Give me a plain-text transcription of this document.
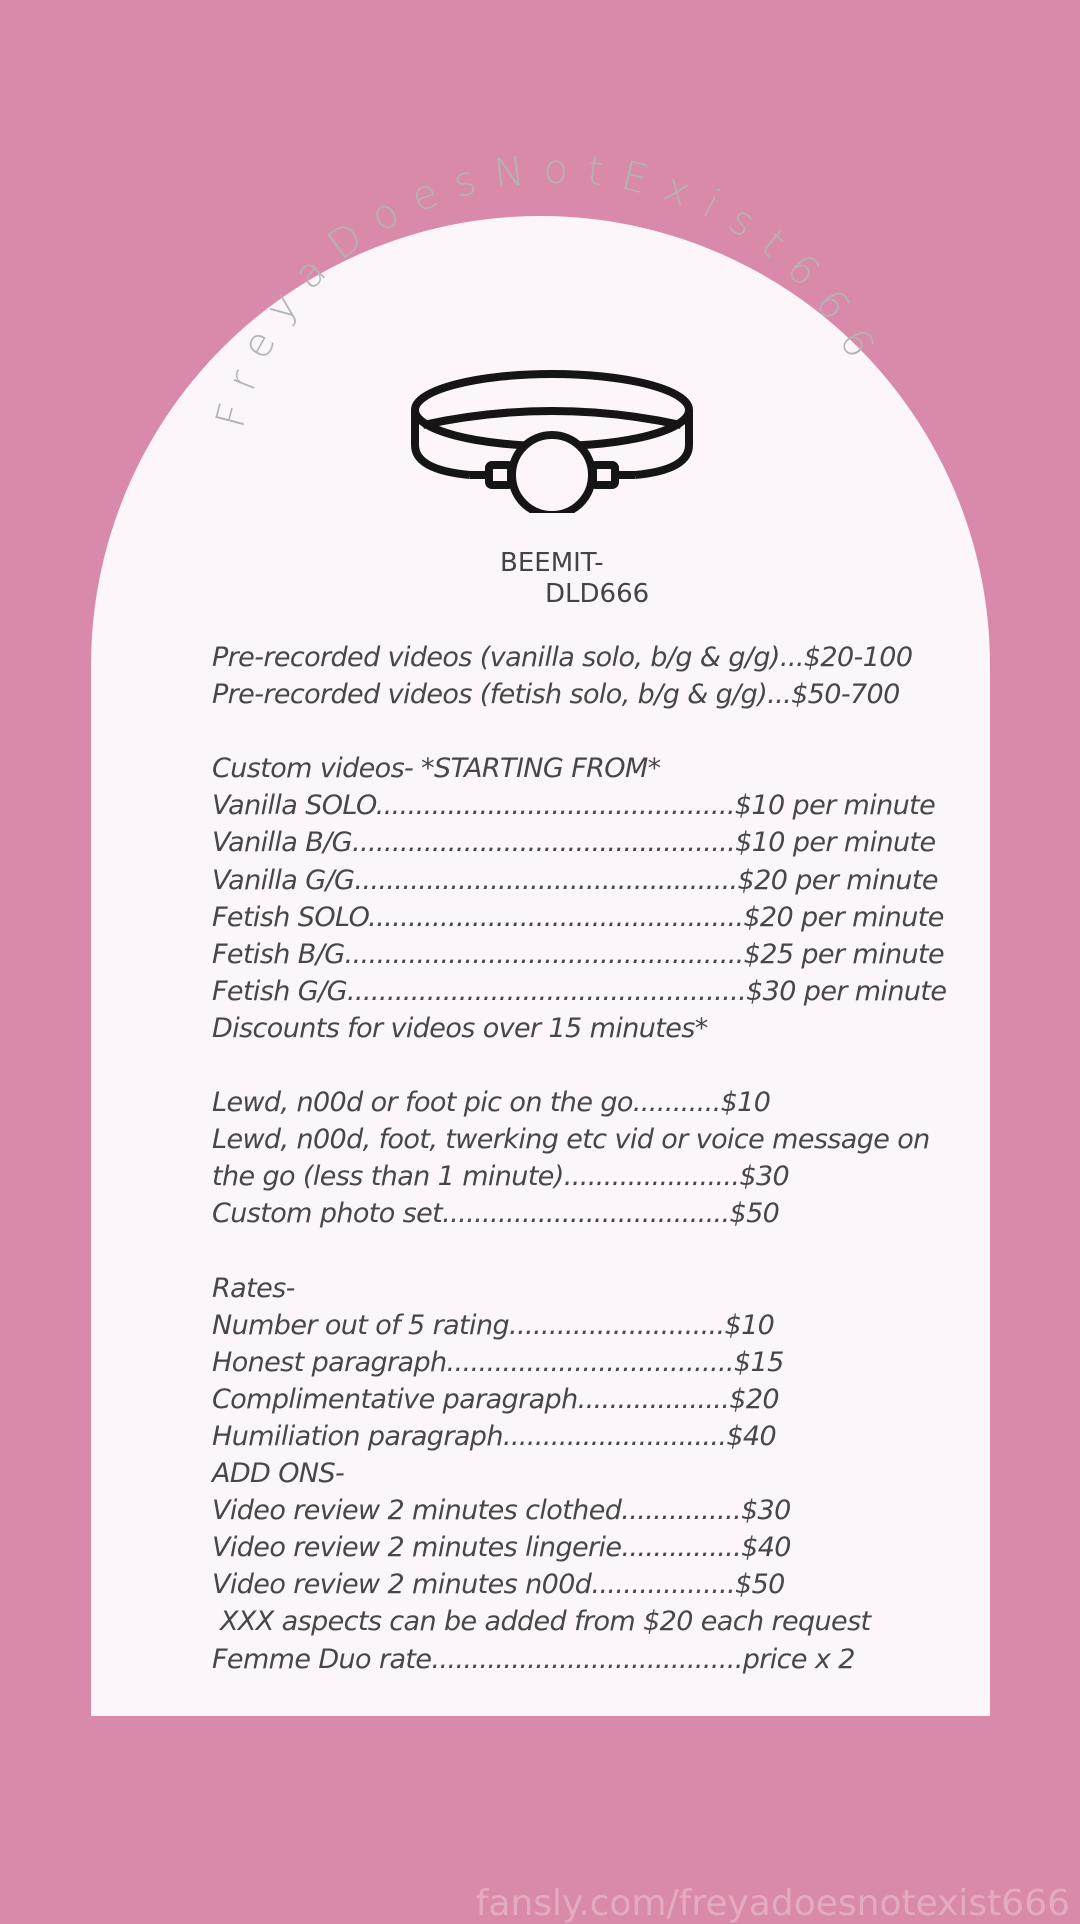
FreyaDoesNotExist666
BEEMIT-

DLD666
Pre-recorded videos (vanilla solo, b/g & g/g)...$20-100
Pre-recorded videos (fetish solo, b/g & g/g)...$50-700
Custom videos- *STARTING FROM*
Vanilla SOLO.............................................$10 per minute
Vanilla B/G................................................$10 per minute
Vanilla G/G................................................$20 per minute
Fetish SOLO...............................................$20 per minute
Fetish B/G..................................................$25 per minute
Fetish G/G..................................................$30 per minute
Discounts for videos over 15 minutes*
Lewd, n00d or foot pic on the go...........$10
Lewd, n00d, foot, twerking etc vid or voice message on
the go (less than 1 minute)......................$30
Custom photo set....................................$50
Rates-
Number out of 5 rating...........................$10
Honest paragraph....................................$15
Complimentative paragraph...................$20
Humiliation paragraph............................$40
ADD ONS-
Video review 2 minutes clothed...............$30
Video review 2 minutes lingerie...............$40
Video review 2 minutes n00d..................$50
XXX aspects can be added from $20 each request
Femme Duo rate.......................................price x 2
fansly.com/freyadoesnotexist666
